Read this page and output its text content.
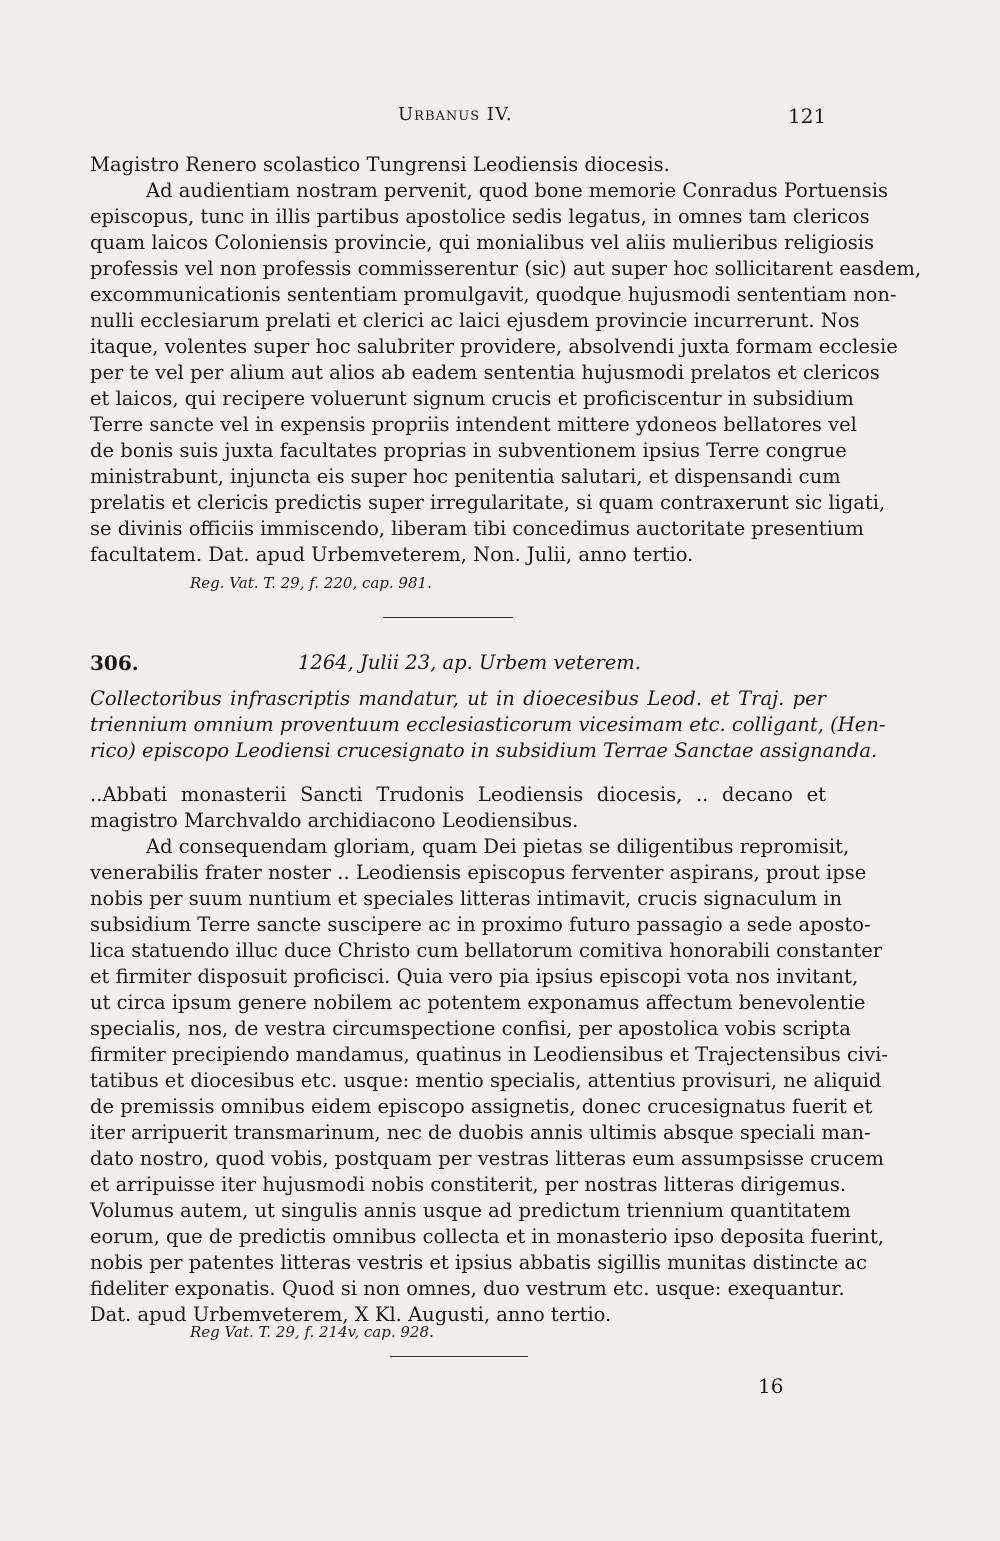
Urbanus IV.	121
Magistro Renero scolastico Tungrensi Leodiensis diocesis.
Ad audientiam nostram pervenit, quod bone memorie Conradus Portuensis
episcopus, tunc in illis partibus apostolice sedis legatus, in omnes tam clericos
quam laicos Coloniensis provincie, qui monialibus vel aliis mulieribus religiosis
professis vel non professis commisserentur (sic) aut super hoc sollicitarent easdem,
excommunicationis sententiam promulgavit, quodque hujusmodi sententiam non-
nulli ecclesiarum prelati et clerici ac laici ejusdem provincie incurrerunt. Nos
itaque, volentes super hoc salubriter providere, absolvendi juxta formam ecclesie
per te vel per alium aut alios ab eadem sententia hujusmodi prelatos et clericos
et laicos, qui recipere voluerunt signum crucis et proficiscentur in subsidium
Terre sancte vel in expensis propriis intendent mittere ydoneos bellatores vel
de bonis suis juxta facultates proprias in subventionem ipsius Terre congrue
ministrabunt, injuncta eis super hoc penitentia salutari, et dispensandi cum
prelatis et clericis predictis super irregularitate, si quam contraxerunt sic ligati,
se divinis officiis immiscendo, liberam tibi concedimus auctoritate presentium
facultatem. Dat. apud Urbemveterem, Non. Julii, anno tertio.
Reg. Vat. T. 29, f. 220, cap. 981.
306.	1264, Julii 23, ap. Urbem veterem.
Collectoribus infrascriptis mandatur, ut in dioecesibus Leod. et Traj. per
triennium omnium proventuum ecclesiasticorum vicesimam etc. colligant, (Hen-
rico) episcopo Leodiensi crucesignato in subsidium Terrae Sanctae assignanda.
..Abbati monasterii Sancti Trudonis Leodiensis diocesis, .. decano et
magistro Marchvaldo archidiacono Leodiensibus.
Ad consequendam gloriam, quam Dei pietas se diligentibus repromisit,
venerabilis frater noster .. Leodiensis episcopus ferventer aspirans, prout ipse
nobis per suum nuntium et speciales litteras intimavit, crucis signaculum in
subsidium Terre sancte suscipere ac in proximo futuro passagio a sede aposto-
lica statuendo illuc duce Christo cum bellatorum comitiva honorabili constanter
et firmiter disposuit proficisci. Quia vero pia ipsius episcopi vota nos invitant,
ut circa ipsum genere nobilem ac potentem exponamus affectum benevolentie
specialis, nos, de vestra circumspectione confisi, per apostolica vobis scripta
firmiter precipiendo mandamus, quatinus in Leodiensibus et Trajectensibus civi-
tatibus et diocesibus etc. usque: mentio specialis, attentius provisuri, ne aliquid
de premissis omnibus eidem episcopo assignetis, donec crucesignatus fuerit et
iter arripuerit transmarinum, nec de duobis annis ultimis absque speciali man-
dato nostro, quod vobis, postquam per vestras litteras eum assumpsisse crucem
et arripuisse iter hujusmodi nobis constiterit, per nostras litteras dirigemus.
Volumus autem, ut singulis annis usque ad predictum triennium quantitatem
eorum, que de predictis omnibus collecta et in monasterio ipso deposita fuerint,
nobis per patentes litteras vestris et ipsius abbatis sigillis munitas distincte ac
fideliter exponatis. Quod si non omnes, duo vestrum etc. usque: exequantur.
Dat. apud Urbemveterem, X Kl. Augusti, anno tertio.
Reg Vat. T. 29, f. 214v, cap. 928.
16
